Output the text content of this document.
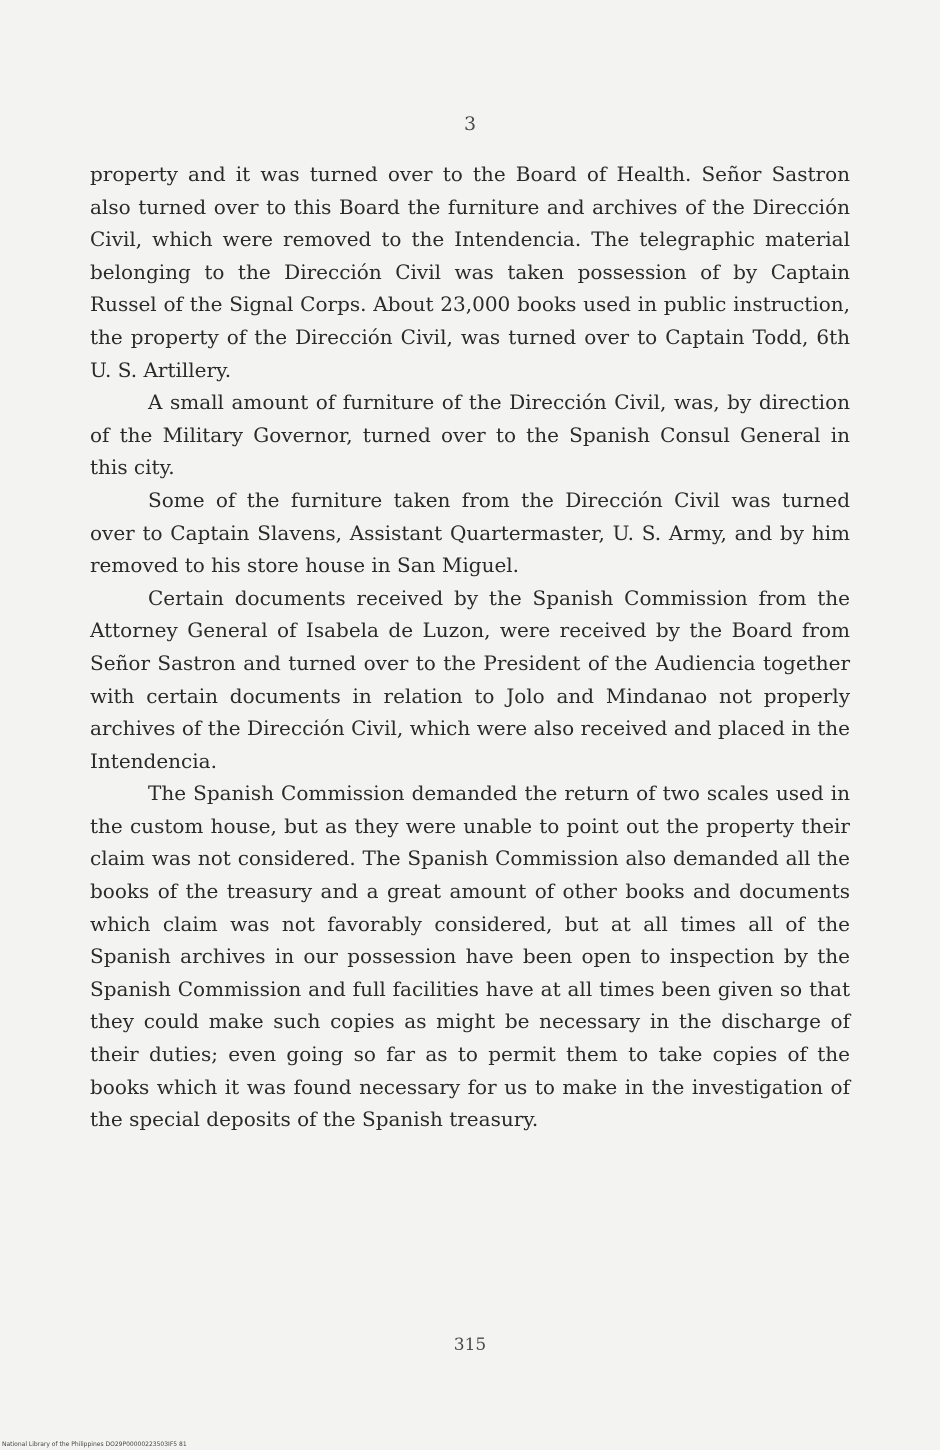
3

property and it was turned over to the Board of Health. Señor Sastron also turned over to this Board the furniture and archives of the Dirección Civil, which were removed to the Intendencia. The telegraphic material belonging to the Dirección Civil was taken possession of by Captain Russel of the Signal Corps. About 23,000 books used in public instruction, the property of the Dirección Civil, was turned over to Captain Todd, 6th U. S. Artillery.

A small amount of furniture of the Dirección Civil, was, by direction of the Military Governor, turned over to the Spanish Consul General in this city.

Some of the furniture taken from the Dirección Civil was turned over to Captain Slavens, Assistant Quartermaster, U. S. Army, and by him removed to his store house in San Miguel.

Certain documents received by the Spanish Commission from the Attorney General of Isabela de Luzon, were received by the Board from Señor Sastron and turned over to the President of the Audiencia together with certain documents in relation to Jolo and Mindanao not properly archives of the Dirección Civil, which were also received and placed in the Intendencia.

The Spanish Commission demanded the return of two scales used in the custom house, but as they were unable to point out the property their claim was not considered. The Spanish Commission also demanded all the books of the treasury and a great amount of other books and documents which claim was not favorably considered, but at all times all of the Spanish archives in our possession have been open to inspection by the Spanish Commission and full facilities have at all times been given so that they could make such copies as might be necessary in the discharge of their duties; even going so far as to permit them to take copies of the books which it was found necessary for us to make in the investigation of the special deposits of the Spanish treasury.

315
National Library of the Philippines DO29P00000223503IF5 81
